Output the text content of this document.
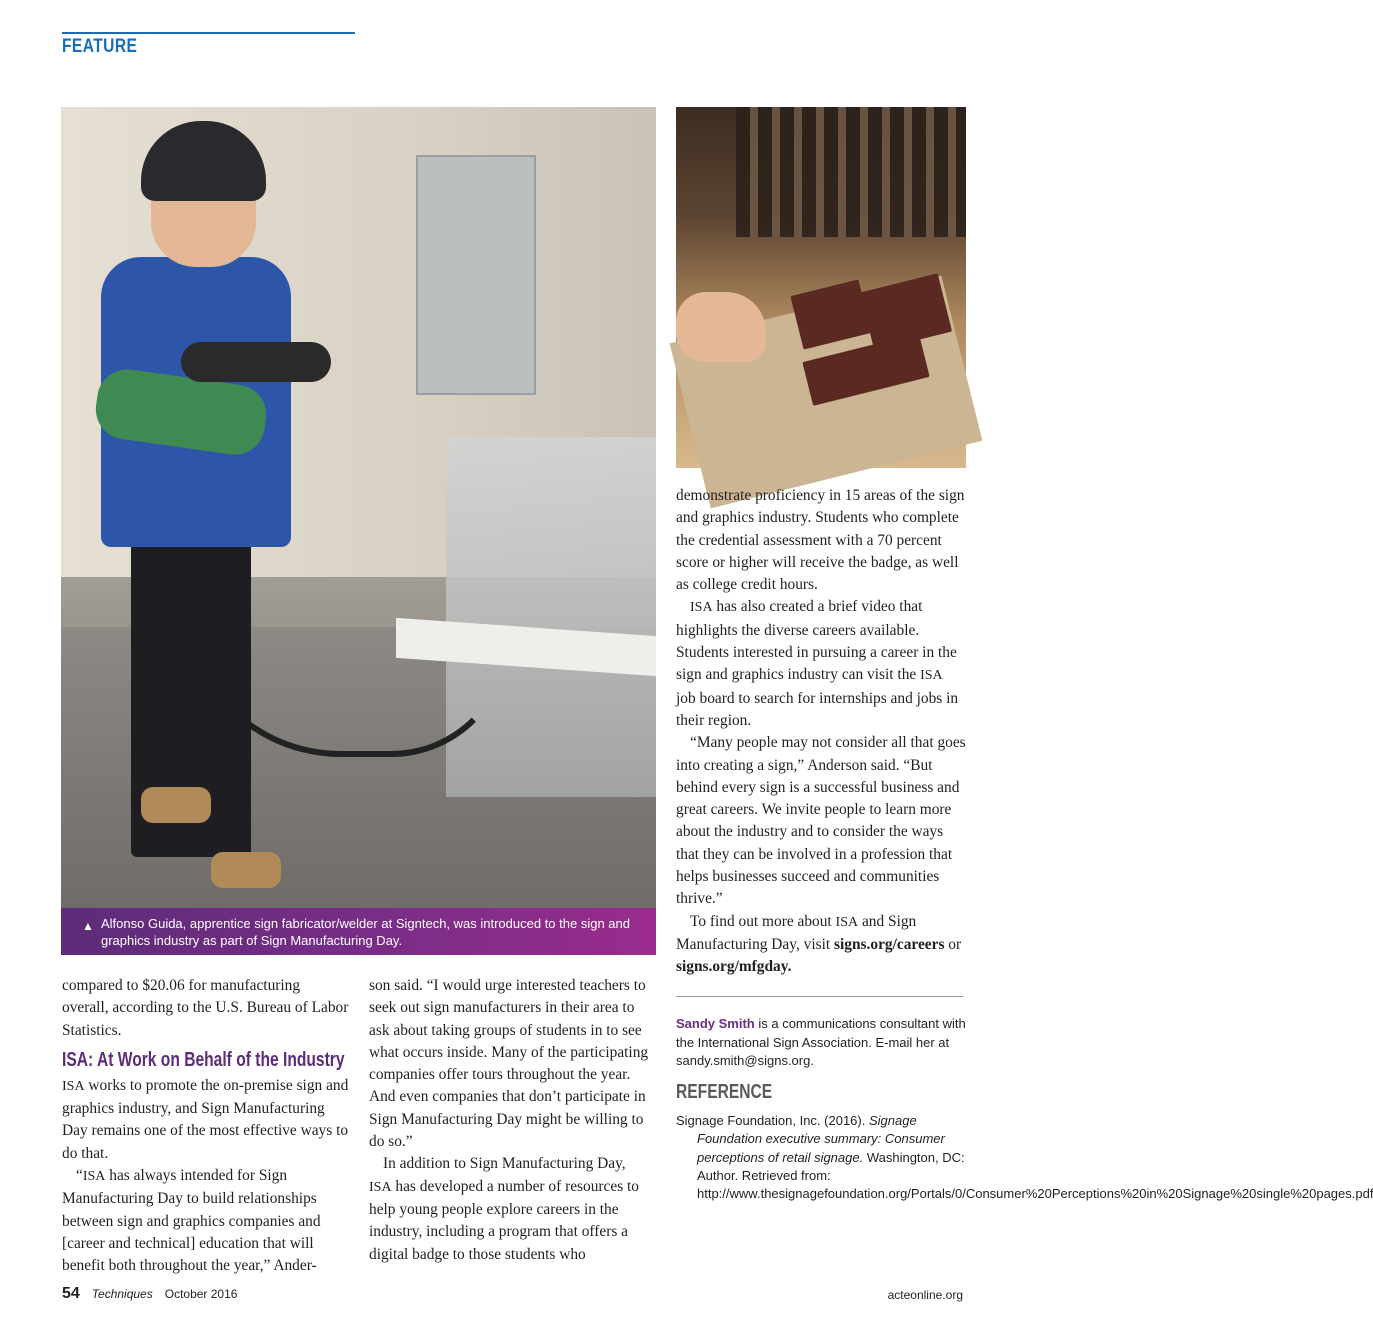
FEATURE
▲ Alfonso Guida, apprentice sign fabricator/welder at Signtech, was introduced to the sign and graphics industry as part of Sign Manufacturing Day.

compared to $20.06 for manufacturing overall, according to the U.S. Bureau of Labor Statistics.

ISA: At Work on Behalf of the Industry

ISA works to promote the on-premise sign and graphics industry, and Sign Manufacturing Day remains one of the most effective ways to do that.

“ISA has always intended for Sign Manufacturing Day to build relationships between sign and graphics companies and [career and technical] education that will benefit both throughout the year,” Ander-

son said. “I would urge interested teachers to seek out sign manufacturers in their area to ask about taking groups of students in to see what occurs inside. Many of the participating companies offer tours throughout the year. And even companies that don’t participate in Sign Manufacturing Day might be willing to do so.”

In addition to Sign Manufacturing Day, ISA has developed a number of resources to help young people explore careers in the industry, including a program that offers a digital badge to those students who

demonstrate proficiency in 15 areas of the sign and graphics industry. Students who complete the credential assessment with a 70 percent score or higher will receive the badge, as well as college credit hours.

ISA has also created a brief video that highlights the diverse careers available. Students interested in pursuing a career in the sign and graphics industry can visit the ISA job board to search for internships and jobs in their region.

“Many people may not consider all that goes into creating a sign,” Anderson said. “But behind every sign is a successful business and great careers. We invite people to learn more about the industry and to consider the ways that they can be involved in a profession that helps businesses succeed and communities thrive.”

To find out more about ISA and Sign Manufacturing Day, visit signs.org/careers or signs.org/mfgday.

Sandy Smith is a communications consultant with the International Sign Association. E-mail her at sandy.smith@signs.org.
REFERENCE
Signage Foundation, Inc. (2016). Signage Foundation executive summary: Consumer perceptions of retail signage. Washington, DC: Author. Retrieved from: http://www.thesignagefoundation.org/Portals/0/Consumer%20Perceptions%20in%20Signage%20single%20pages.pdf
54 Techniques October 2016	acteonline.org
